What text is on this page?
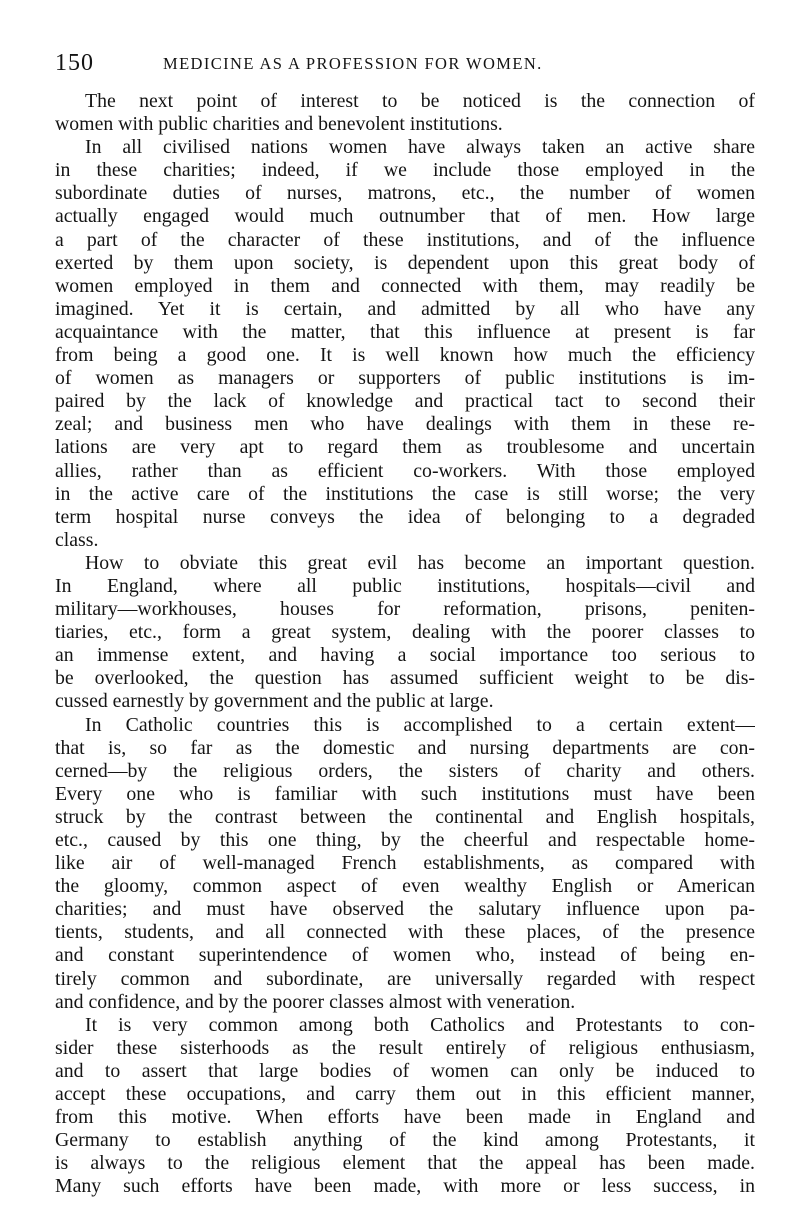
150	MEDICINE AS A PROFESSION FOR WOMEN.
The next point of interest to be noticed is the connection of
women with public charities and benevolent institutions.
In all civilised nations women have always taken an active share
in these charities; indeed, if we include those employed in the
subordinate duties of nurses, matrons, etc., the number of women
actually engaged would much outnumber that of men. How large
a part of the character of these institutions, and of the influence
exerted by them upon society, is dependent upon this great body of
women employed in them and connected with them, may readily be
imagined. Yet it is certain, and admitted by all who have any
acquaintance with the matter, that this influence at present is far
from being a good one. It is well known how much the efficiency
of women as managers or supporters of public institutions is im-
paired by the lack of knowledge and practical tact to second their
zeal; and business men who have dealings with them in these re-
lations are very apt to regard them as troublesome and uncertain
allies, rather than as efficient co-workers. With those employed
in the active care of the institutions the case is still worse; the very
term hospital nurse conveys the idea of belonging to a degraded
class.
How to obviate this great evil has become an important question.
In England, where all public institutions, hospitals—civil and
military—workhouses, houses for reformation, prisons, peniten-
tiaries, etc., form a great system, dealing with the poorer classes to
an immense extent, and having a social importance too serious to
be overlooked, the question has assumed sufficient weight to be dis-
cussed earnestly by government and the public at large.
In Catholic countries this is accomplished to a certain extent—
that is, so far as the domestic and nursing departments are con-
cerned—by the religious orders, the sisters of charity and others.
Every one who is familiar with such institutions must have been
struck by the contrast between the continental and English hospitals,
etc., caused by this one thing, by the cheerful and respectable home-
like air of well-managed French establishments, as compared with
the gloomy, common aspect of even wealthy English or American
charities; and must have observed the salutary influence upon pa-
tients, students, and all connected with these places, of the presence
and constant superintendence of women who, instead of being en-
tirely common and subordinate, are universally regarded with respect
and confidence, and by the poorer classes almost with veneration.
It is very common among both Catholics and Protestants to con-
sider these sisterhoods as the result entirely of religious enthusiasm,
and to assert that large bodies of women can only be induced to
accept these occupations, and carry them out in this efficient manner,
from this motive. When efforts have been made in England and
Germany to establish anything of the kind among Protestants, it
is always to the religious element that the appeal has been made.
Many such efforts have been made, with more or less success, in
